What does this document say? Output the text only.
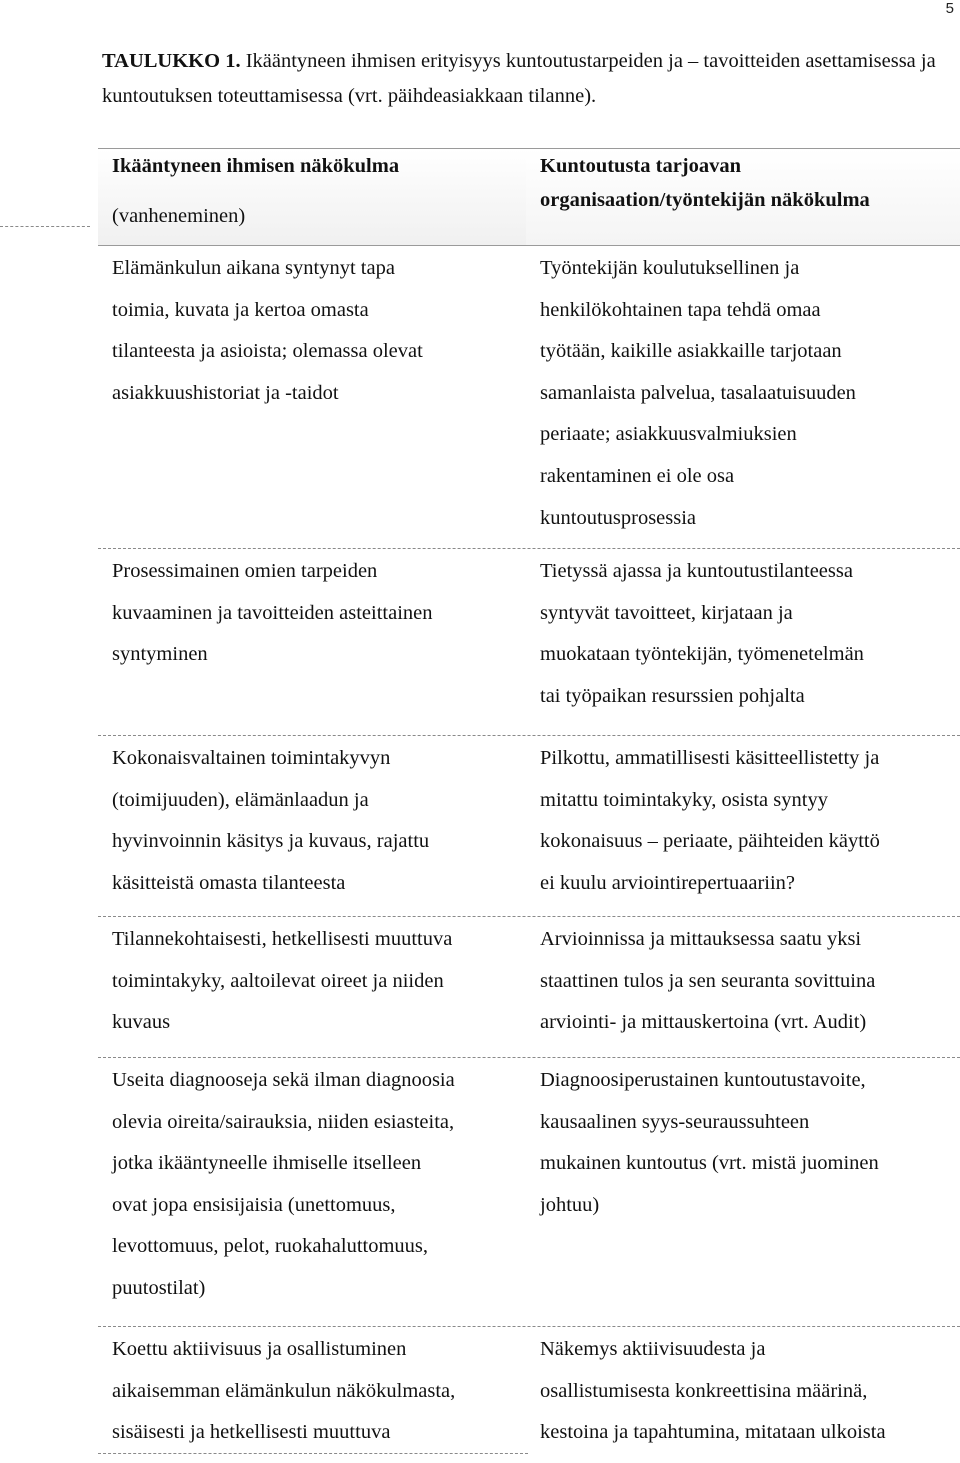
5

TAULUKKO 1. Ikääntyneen ihmisen erityisyys kuntoutustarpeiden ja – tavoitteiden asettamisessa ja kuntoutuksen toteuttamisessa (vrt. päihdeasiakkaan tilanne).

Ikääntyneen ihmisen näkökulma
(vanheneminen)

Kuntoutusta tarjoavan organisaation/työntekijän näkökulma

Elämänkulun aikana syntynyt tapa
toimia, kuvata ja kertoa omasta
tilanteesta ja asioista; olemassa olevat
asiakkuushistoriat ja -taidot

Työntekijän koulutuksellinen ja
henkilökohtainen tapa tehdä omaa
työtään, kaikille asiakkaille tarjotaan
samanlaista palvelua, tasalaatuisuuden
periaate; asiakkuusvalmiuksien
rakentaminen ei ole osa
kuntoutusprosessia

Prosessimainen omien tarpeiden
kuvaaminen ja tavoitteiden asteittainen
syntyminen

Tietyssä ajassa ja kuntoutustilanteessa
syntyvät tavoitteet, kirjataan ja
muokataan työntekijän, työmenetelmän
tai työpaikan resurssien pohjalta

Kokonaisvaltainen toimintakyvyn
(toimijuuden), elämänlaadun ja
hyvinvoinnin käsitys ja kuvaus, rajattu
käsitteistä omasta tilanteesta

Pilkottu, ammatillisesti käsitteellistetty ja
mitattu toimintakyky, osista syntyy
kokonaisuus – periaate, päihteiden käyttö
ei kuulu arviointirepertuaariin?

Tilannekohtaisesti, hetkellisesti muuttuva
toimintakyky, aaltoilevat oireet ja niiden
kuvaus

Arvioinnissa ja mittauksessa saatu yksi
staattinen tulos ja sen seuranta sovittuina
arviointi- ja mittauskertoina (vrt. Audit)

Useita diagnooseja sekä ilman diagnoosia
olevia oireita/sairauksia, niiden esiasteita,
jotka ikääntyneelle ihmiselle itselleen
ovat jopa ensisijaisia (unettomuus,
levottomuus, pelot, ruokahaluttomuus,
puutostilat)

Diagnoosiperustainen kuntoutustavoite,
kausaalinen syys-seuraussuhteen
mukainen kuntoutus (vrt. mistä juominen
johtuu)

Koettu aktiivisuus ja osallistuminen
aikaisemman elämänkulun näkökulmasta,
sisäisesti ja hetkellisesti muuttuva

Näkemys aktiivisuudesta ja
osallistumisesta konkreettisina määrinä,
kestoina ja tapahtumina, mitataan ulkoista
